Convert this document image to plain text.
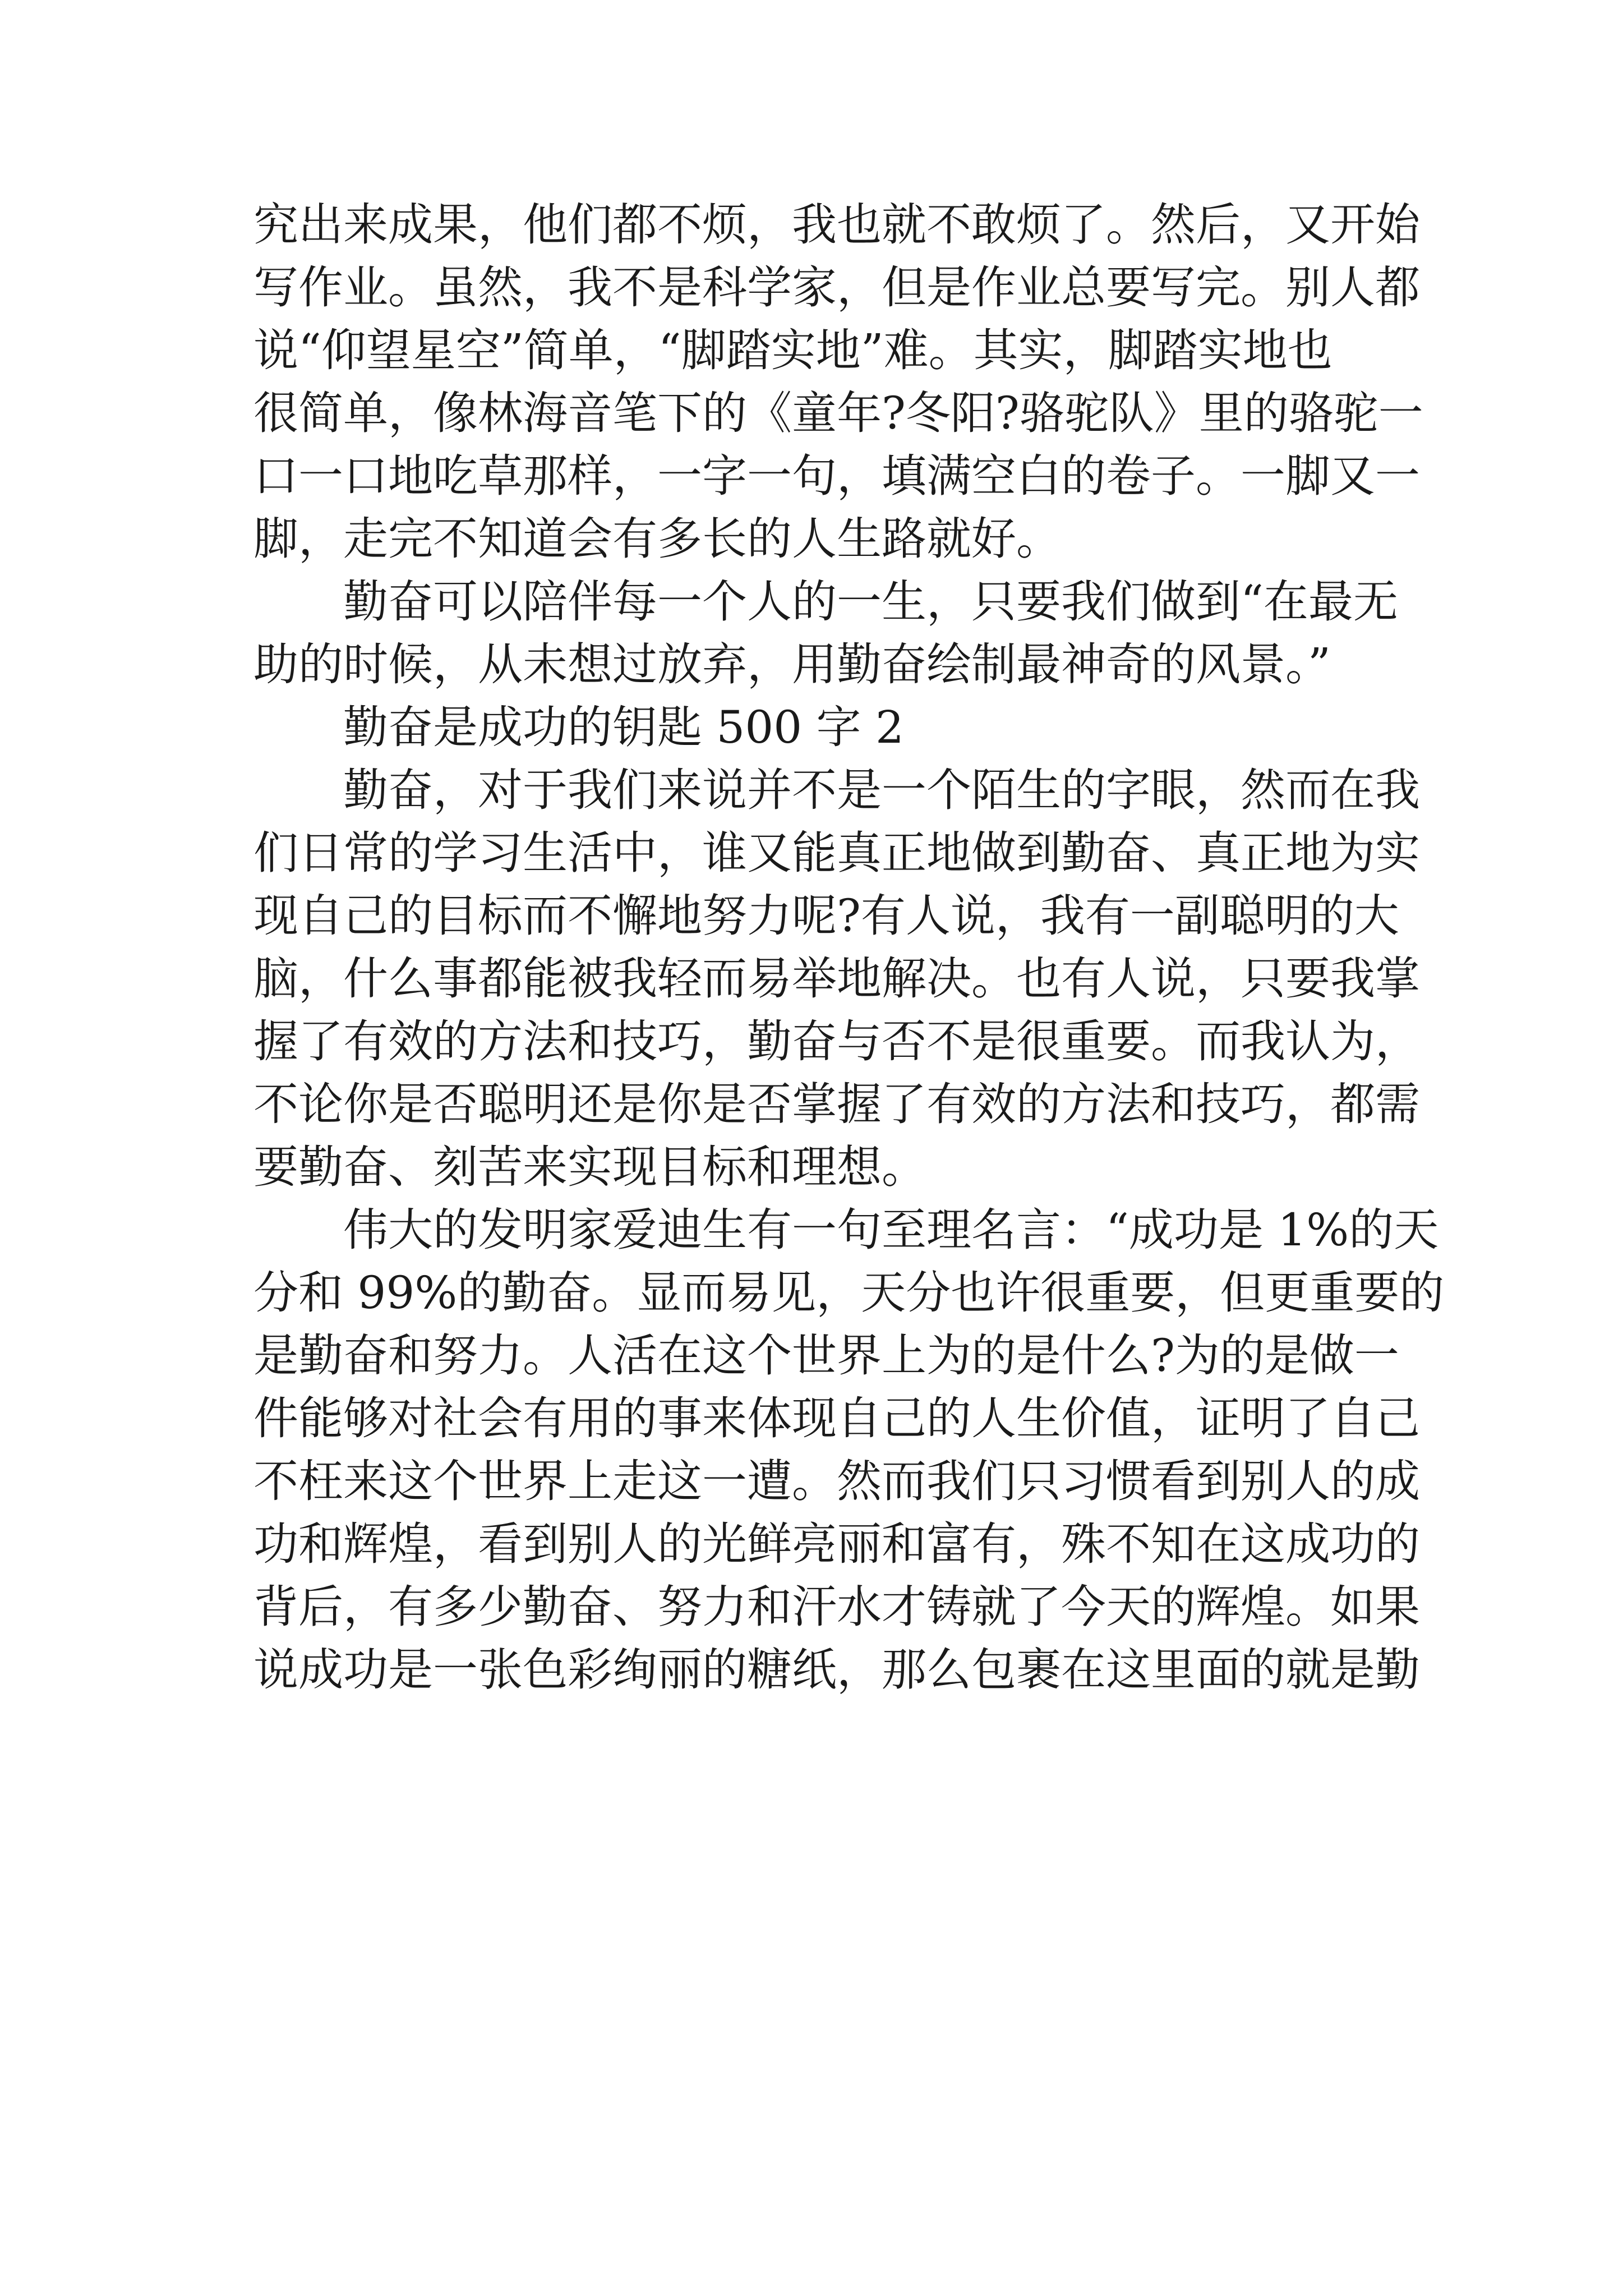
究出来成果，他们都不烦，我也就不敢烦了。然后，又开始
写作业。虽然，我不是科学家，但是作业总要写完。别人都
说“仰望星空”简单，“脚踏实地”难。其实，脚踏实地也
很简单，像林海音笔下的《童年?冬阳?骆驼队》里的骆驼一
口一口地吃草那样，一字一句，填满空白的卷子。一脚又一
脚，走完不知道会有多长的人生路就好。
　　勤奋可以陪伴每一个人的一生，只要我们做到“在最无
助的时候，从未想过放弃，用勤奋绘制最神奇的风景。”
　　勤奋是成功的钥匙 500 字 2
　　勤奋，对于我们来说并不是一个陌生的字眼，然而在我
们日常的学习生活中，谁又能真正地做到勤奋、真正地为实
现自己的目标而不懈地努力呢?有人说，我有一副聪明的大
脑，什么事都能被我轻而易举地解决。也有人说，只要我掌
握了有效的方法和技巧，勤奋与否不是很重要。而我认为，
不论你是否聪明还是你是否掌握了有效的方法和技巧，都需
要勤奋、刻苦来实现目标和理想。
　　伟大的发明家爱迪生有一句至理名言：“成功是 1%的天
分和 99%的勤奋。显而易见，天分也许很重要，但更重要的
是勤奋和努力。人活在这个世界上为的是什么?为的是做一
件能够对社会有用的事来体现自己的人生价值，证明了自己
不枉来这个世界上走这一遭。然而我们只习惯看到别人的成
功和辉煌，看到别人的光鲜亮丽和富有，殊不知在这成功的
背后，有多少勤奋、努力和汗水才铸就了今天的辉煌。如果
说成功是一张色彩绚丽的糖纸，那么包裹在这里面的就是勤
